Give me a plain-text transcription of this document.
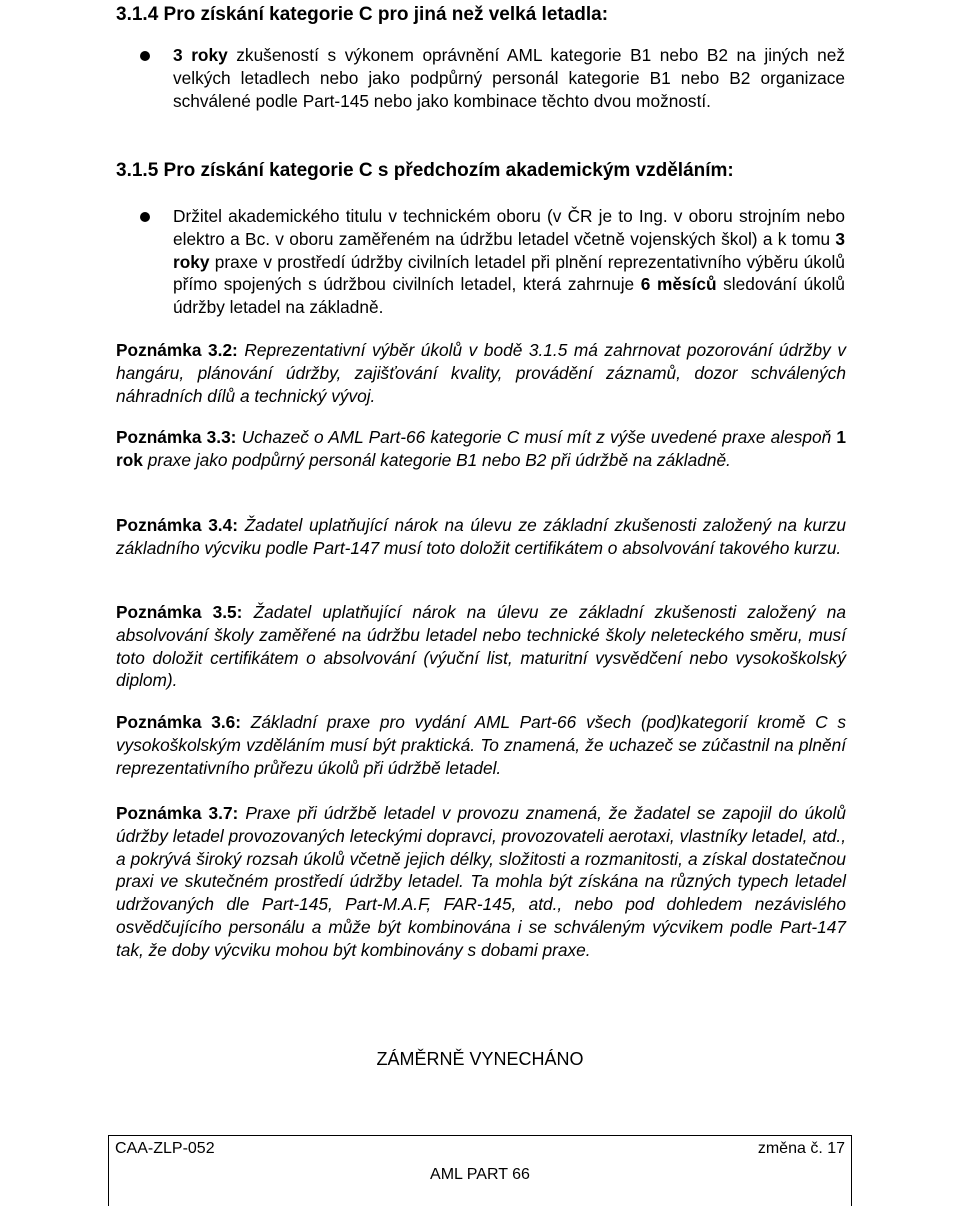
3.1.4 Pro získání kategorie C pro jiná než velká letadla:

3 roky zkušeností s výkonem oprávnění AML kategorie B1 nebo B2 na jiných než velkých letadlech nebo jako podpůrný personál kategorie B1 nebo B2 organizace schválené podle Part-145 nebo jako kombinace těchto dvou možností.

3.1.5 Pro získání kategorie C s předchozím akademickým vzděláním:

Držitel akademického titulu v technickém oboru (v ČR je to Ing. v oboru strojním nebo elektro a Bc. v oboru zaměřeném na údržbu letadel včetně vojenských škol) a k tomu 3 roky praxe v prostředí údržby civilních letadel při plnění reprezentativního výběru úkolů přímo spojených s údržbou civilních letadel, která zahrnuje 6 měsíců sledování úkolů údržby letadel na základně.

Poznámka 3.2: Reprezentativní výběr úkolů v bodě 3.1.5 má zahrnovat pozorování údržby v hangáru, plánování údržby, zajišťování kvality, provádění záznamů, dozor schválených náhradních dílů a technický vývoj.

Poznámka 3.3: Uchazeč o AML Part-66 kategorie C musí mít z výše uvedené praxe alespoň 1 rok praxe jako podpůrný personál kategorie B1 nebo B2 při údržbě na základně.

Poznámka 3.4: Žadatel uplatňující nárok na úlevu ze základní zkušenosti založený na kurzu základního výcviku podle Part-147 musí toto doložit certifikátem o absolvování takového kurzu.

Poznámka 3.5: Žadatel uplatňující nárok na úlevu ze základní zkušenosti založený na absolvování školy zaměřené na údržbu letadel nebo technické školy neleteckého směru, musí toto doložit certifikátem o absolvování (výuční list, maturitní vysvědčení nebo vysokoškolský diplom).

Poznámka 3.6: Základní praxe pro vydání AML Part-66 všech (pod)kategorií kromě C s vysokoškolským vzděláním musí být praktická. To znamená, že uchazeč se zúčastnil na plnění reprezentativního průřezu úkolů při údržbě letadel.

Poznámka 3.7: Praxe při údržbě letadel v provozu znamená, že žadatel se zapojil do úkolů údržby letadel provozovaných leteckými dopravci, provozovateli aerotaxi, vlastníky letadel, atd., a pokrývá široký rozsah úkolů včetně jejich délky, složitosti a rozmanitosti, a získal dostatečnou praxi ve skutečném prostředí údržby letadel. Ta mohla být získána na různých typech letadel udržovaných dle Part-145, Part-M.A.F, FAR-145, atd., nebo pod dohledem nezávislého osvědčujícího personálu a může být kombinována i se schváleným výcvikem podle Part-147 tak, že doby výcviku mohou být kombinovány s dobami praxe.

ZÁMĚRNĚ VYNECHÁNO
CAA-ZLP-052	změna č. 17
AML PART 66
